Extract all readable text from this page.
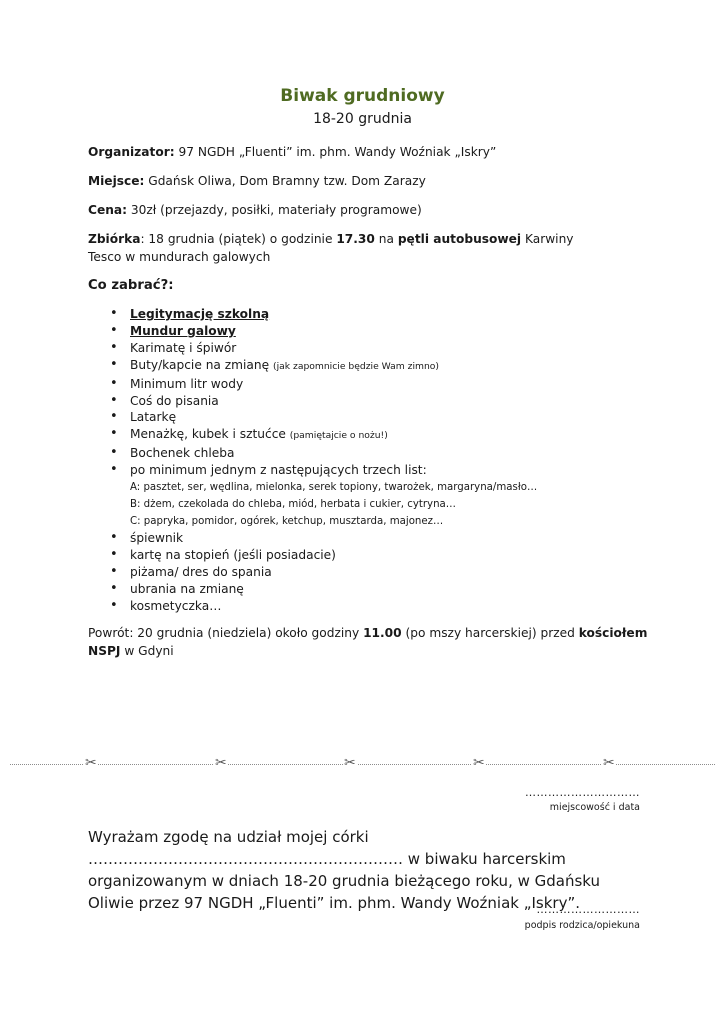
Biwak grudniowy
18-20 grudnia
Organizator: 97 NGDH „Fluenti” im. phm. Wandy Woźniak „Iskry”
Miejsce: Gdańsk Oliwa, Dom Bramny tzw. Dom Zarazy
Cena: 30zł (przejazdy, posiłki, materiały programowe)
Zbiórka: 18 grudnia (piątek) o godzinie 17.30 na pętli autobusowej Karwiny Tesco w mundurach galowych
Co zabrać?:
• Legitymację szkolną
• Mundur galowy
• Karimatę i śpiwór
• Buty/kapcie na zmianę (jak zapomnicie będzie Wam zimno)
• Minimum litr wody
• Coś do pisania
• Latarkę
• Menażkę, kubek i sztućce (pamiętajcie o nożu!)
• Bochenek chleba
• po minimum jednym z następujących trzech list:
A: pasztet, ser, wędlina, mielonka, serek topiony, twarożek, margaryna/masło…
B: dżem, czekolada do chleba, miód, herbata i cukier, cytryna…
C: papryka, pomidor, ogórek, ketchup, musztarda, majonez…
• śpiewnik
• kartę na stopień (jeśli posiadacie)
• piżama/ dres do spania
• ubrania na zmianę
• kosmetyczka…
Powrót: 20 grudnia (niedziela) około godziny 11.00 (po mszy harcerskiej) przed kościołem NSPJ w Gdyni
✂	✂	✂	✂	✂
…………………………
miejscowość i data
Wyrażam zgodę na udział mojej córki ……………………………………………………… w biwaku harcerskim organizowanym w dniach 18-20 grudnia bieżącego roku, w Gdańsku Oliwie przez 97 NGDH „Fluenti” im. phm. Wandy Woźniak „Iskry”.
………………………
podpis rodzica/opiekuna
